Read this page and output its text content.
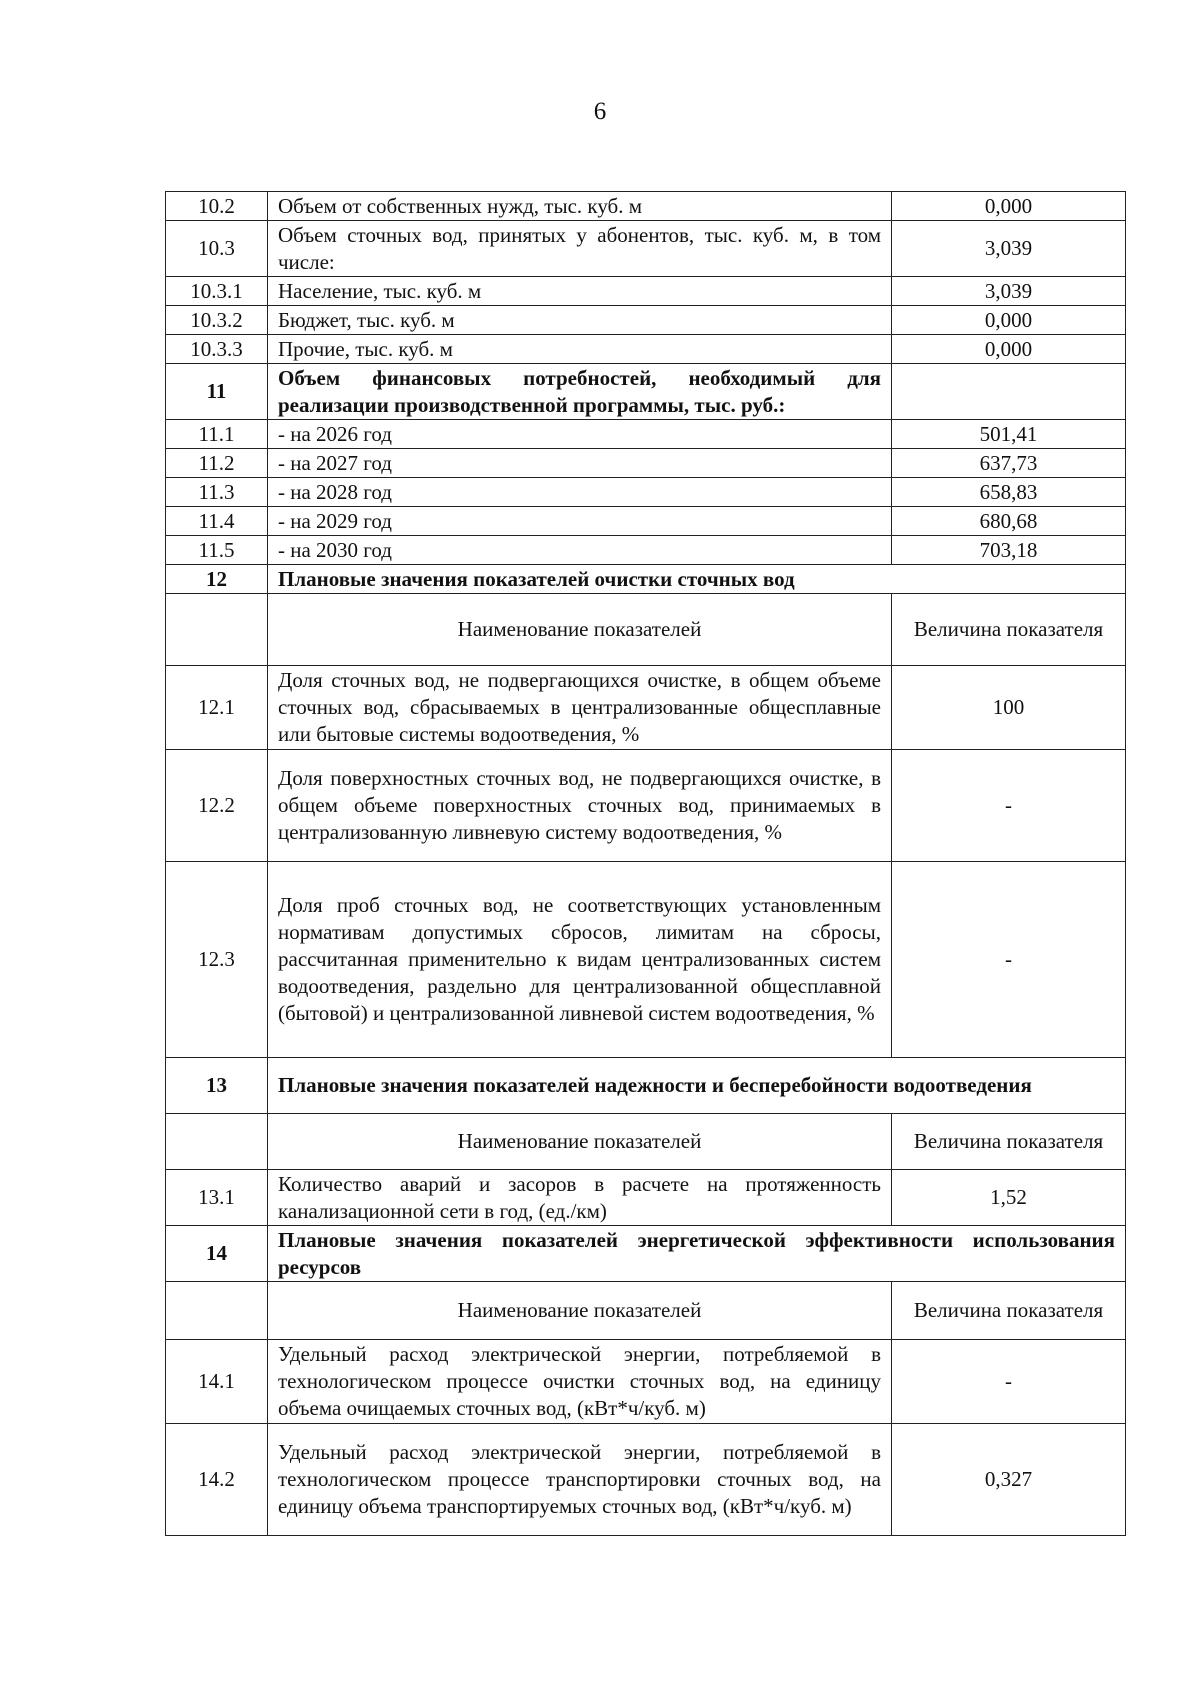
6
10.2	Объем от собственных нужд, тыс. куб. м	0,000
10.3	Объем сточных вод, принятых у абонентов, тыс. куб. м, в том числе:	3,039
10.3.1	Население, тыс. куб. м	3,039
10.3.2	Бюджет, тыс. куб. м	0,000
10.3.3	Прочие, тыс. куб. м	0,000
11	Объем финансовых потребностей, необходимый для реализации производственной программы, тыс. руб.:	
11.1	- на 2026 год	501,41
11.2	- на 2027 год	637,73
11.3	- на 2028 год	658,83
11.4	- на 2029 год	680,68
11.5	- на 2030 год	703,18
12	Плановые значения показателей очистки сточных вод	
	Наименование показателей	Величина показателя
12.1	Доля сточных вод, не подвергающихся очистке, в общем объеме сточных вод, сбрасываемых в централизованные общесплавные или бытовые системы водоотведения, %	100
12.2	Доля поверхностных сточных вод, не подвергающихся очистке, в общем объеме поверхностных сточных вод, принимаемых в централизованную ливневую систему водоотведения, %	-
12.3	Доля проб сточных вод, не соответствующих установленным нормативам допустимых сбросов, лимитам на сбросы, рассчитанная применительно к видам централизованных систем водоотведения, раздельно для централизованной общесплавной (бытовой) и централизованной ливневой систем водоотведения, %	-
13	Плановые значения показателей надежности и бесперебойности водоотведения	
	Наименование показателей	Величина показателя
13.1	Количество аварий и засоров в расчете на протяженность канализационной сети в год, (ед./км)	1,52
14	Плановые значения показателей энергетической эффективности использования ресурсов	
	Наименование показателей	Величина показателя
14.1	Удельный расход электрической энергии, потребляемой в технологическом процессе очистки сточных вод, на единицу объема очищаемых сточных вод, (кВт*ч/куб. м)	-
14.2	Удельный расход электрической энергии, потребляемой в технологическом процессе транспортировки сточных вод, на единицу объема транспортируемых сточных вод, (кВт*ч/куб. м)	0,327
